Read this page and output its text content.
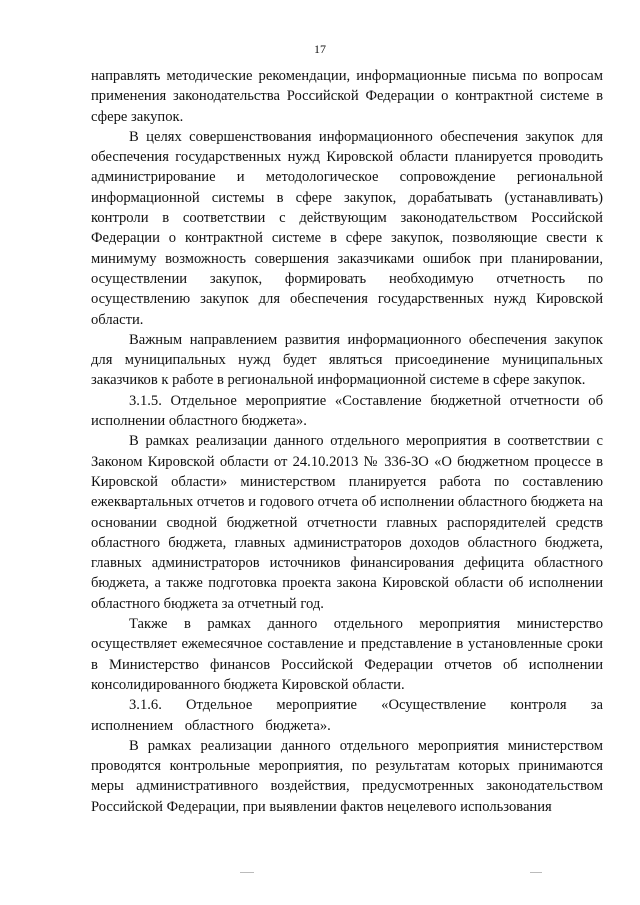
17

направлять методические рекомендации, информационные письма по вопросам применения законодательства Российской Федерации о контрактной системе в сфере закупок.

В целях совершенствования информационного обеспечения закупок для обеспечения государственных нужд Кировской области планируется проводить администрирование и методологическое сопровождение региональной информационной системы в сфере закупок, дорабатывать (устанавливать) контроли в соответствии с действующим законодательством Российской Федерации о контрактной системе в сфере закупок, позволяющие свести к минимуму возможность совершения заказчиками ошибок при планировании, осуществлении закупок, формировать необходимую отчетность по осуществлению закупок для обеспечения государственных нужд Кировской области.

Важным направлением развития информационного обеспечения закупок для муниципальных нужд будет являться присоединение муниципальных заказчиков к работе в региональной информационной системе в сфере закупок.

3.1.5. Отдельное мероприятие «Составление бюджетной отчетности об исполнении областного бюджета».

В рамках реализации данного отдельного мероприятия в соответствии с Законом Кировской области от 24.10.2013 № 336-ЗО «О бюджетном процессе в Кировской области» министерством планируется работа по составлению ежеквартальных отчетов и годового отчета об исполнении областного бюджета на основании сводной бюджетной отчетности главных распорядителей средств областного бюджета, главных администраторов доходов областного бюджета, главных администраторов источников финансирования дефицита областного бюджета, а также подготовка проекта закона Кировской области об исполнении областного бюджета за отчетный год.

Также в рамках данного отдельного мероприятия министерство осуществляет ежемесячное составление и представление в установленные сроки в Министерство финансов Российской Федерации отчетов об исполнении консолидированного бюджета Кировской области.

3.1.6. Отдельное мероприятие «Осуществление контроля за исполнением областного бюджета».

В рамках реализации данного отдельного мероприятия министерством проводятся контрольные мероприятия, по результатам которых принимаются меры административного воздействия, предусмотренных законодательством Российской Федерации, при выявлении фактов нецелевого использования
